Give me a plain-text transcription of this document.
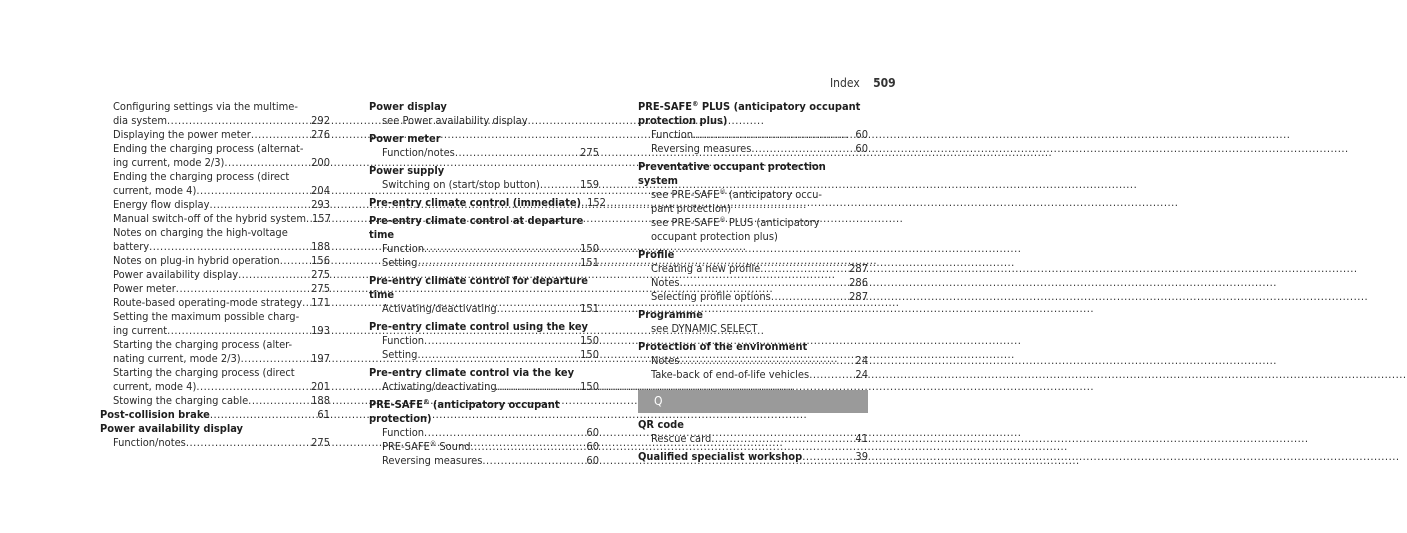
Index 509
Configuring settings via the multime-
dia system .....	292
Displaying the power meter .....	276
Ending the charging process (alternat-
ing current, mode 2/3) .....	200
Ending the charging process (direct
current, mode 4) .....	204
Energy flow display .....	293
Manual switch-off of the hybrid system ..... 157
Notes on charging the high-voltage
battery .....	188
Notes on plug-in hybrid operation .....	156
Power availability display .....	275
Power meter .....	275
Route-based operating-mode strategy ..... 171
Setting the maximum possible charg-
ing current .....	193
Starting the charging process (alter-
nating current, mode 2/3) .....	197
Starting the charging process (direct
current, mode 4) .....	201
Stowing the charging cable .....	188
Post-collision brake .....	61
Power availability display
Function/notes .....	275
Power display
see Power availability display
Power meter
Function/notes .....	275
Power supply
Switching on (start/stop button) .....	159
Pre-entry climate control (immediate) ..... 152
Pre-entry climate control at departure
time
Function .....	150
Setting .....	151
Pre-entry climate control for departure
time
Activating/deactivating .....	151
Pre-entry climate control using the key
Function .....	150
Setting .....	150
Pre-entry climate control via the key
Activating/deactivating .....	150
PRE-SAFE® (anticipatory occupant protection)
Function .....	60
PRE-SAFE® Sound .....	60
Reversing measures .....	60
PRE-SAFE® PLUS (anticipatory occupant
protection plus)
Function .....	60
Reversing measures .....	60
Preventative occupant protection system
see PRE-SAFE® (anticipatory occu-
pant protection)
see PRE-SAFE® PLUS (anticipatory
occupant protection plus)
Profile
Creating a new profile .....	287
Notes .....	286
Selecting profile options .....	287
Programme
see DYNAMIC SELECT
Protection of the environment
Notes .....	24
Take-back of end-of-life vehicles .....	24
Q
QR code
Rescue card .....	41
Qualified specialist workshop .....	39
